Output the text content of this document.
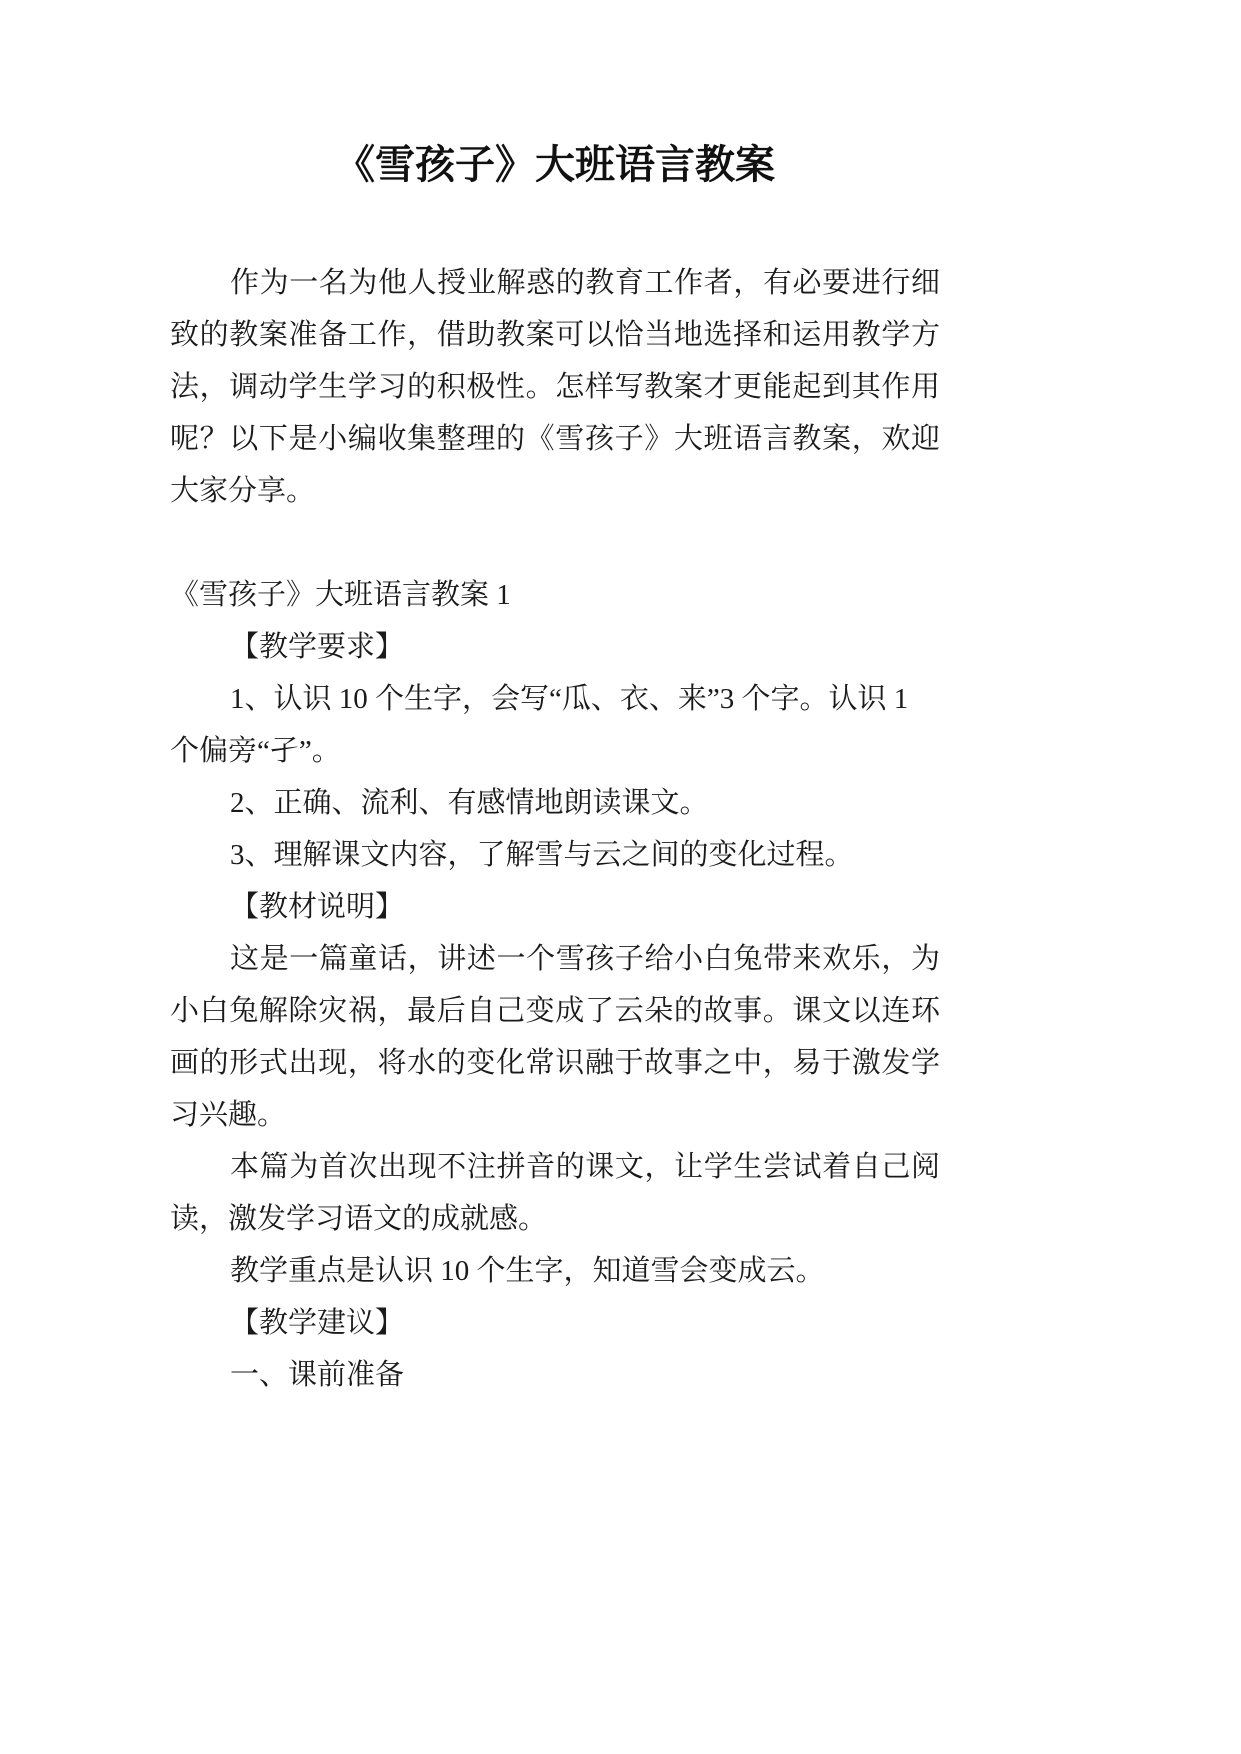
《雪孩子》大班语言教案
作为一名为他人授业解惑的教育工作者，有必要进行细
致的教案准备工作，借助教案可以恰当地选择和运用教学方
法，调动学生学习的积极性。怎样写教案才更能起到其作用
呢？以下是小编收集整理的《雪孩子》大班语言教案，欢迎
大家分享。
《雪孩子》大班语言教案 1
【教学要求】
1、认识 10 个生字，会写“瓜、衣、来”3 个字。认识 1
个偏旁“孑”。
2、正确、流利、有感情地朗读课文。
3、理解课文内容，了解雪与云之间的变化过程。
【教材说明】
这是一篇童话，讲述一个雪孩子给小白兔带来欢乐，为
小白兔解除灾祸，最后自己变成了云朵的故事。课文以连环
画的形式出现，将水的变化常识融于故事之中，易于激发学
习兴趣。
本篇为首次出现不注拼音的课文，让学生尝试着自己阅
读，激发学习语文的成就感。
教学重点是认识 10 个生字，知道雪会变成云。
【教学建议】
一、课前准备
